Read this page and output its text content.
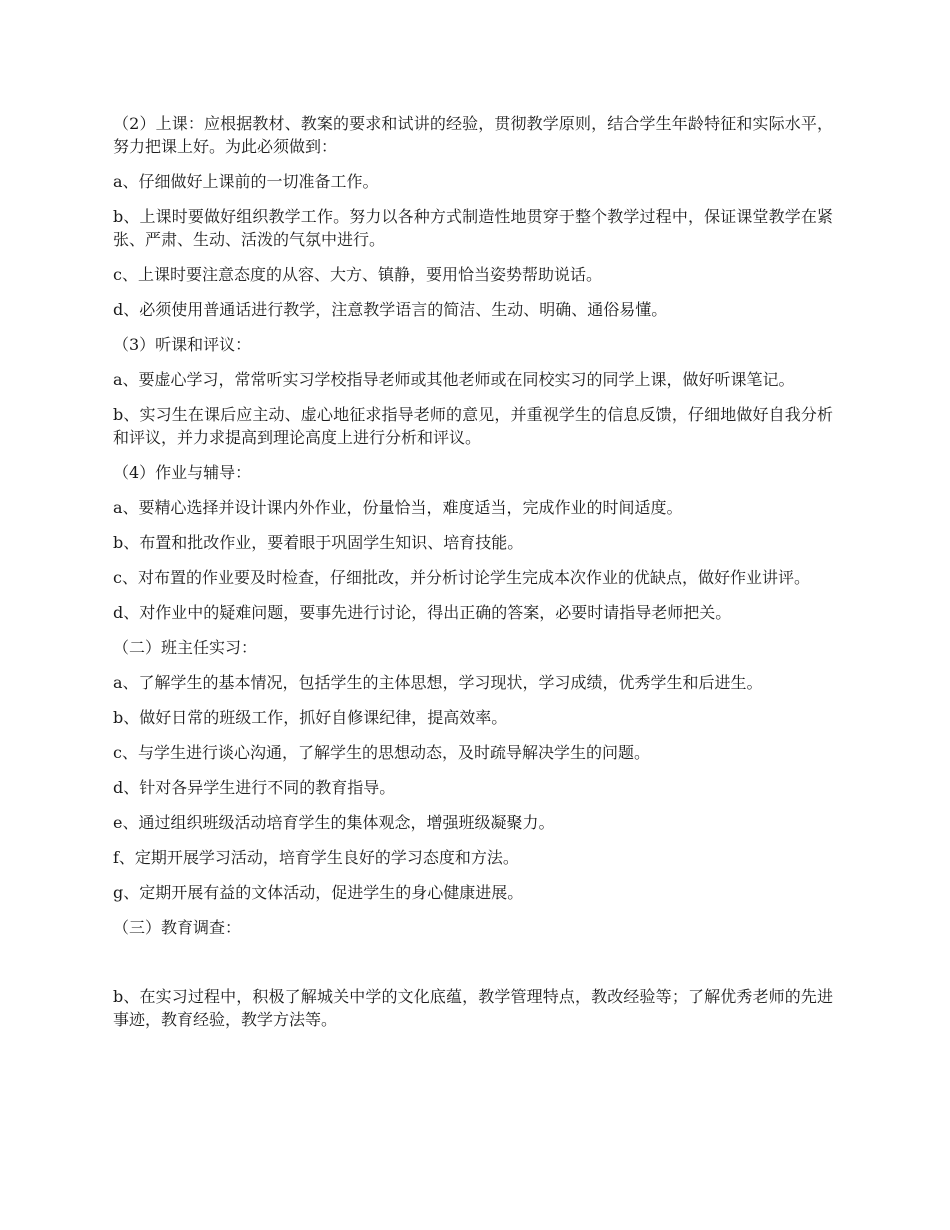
（2）上课：应根据教材、教案的要求和试讲的经验，贯彻教学原则，结合学生年龄特征和实际水平，努力把课上好。为此必须做到：

a、仔细做好上课前的一切准备工作。

b、上课时要做好组织教学工作。努力以各种方式制造性地贯穿于整个教学过程中，保证课堂教学在紧张、严肃、生动、活泼的气氛中进行。

c、上课时要注意态度的从容、大方、镇静，要用恰当姿势帮助说话。

d、必须使用普通话进行教学，注意教学语言的简洁、生动、明确、通俗易懂。

（3）听课和评议：

a、要虚心学习，常常听实习学校指导老师或其他老师或在同校实习的同学上课，做好听课笔记。

b、实习生在课后应主动、虚心地征求指导老师的意见，并重视学生的信息反馈，仔细地做好自我分析和评议，并力求提高到理论高度上进行分析和评议。

（4）作业与辅导：

a、要精心选择并设计课内外作业，份量恰当，难度适当，完成作业的时间适度。

b、布置和批改作业，要着眼于巩固学生知识、培育技能。

c、对布置的作业要及时检查，仔细批改，并分析讨论学生完成本次作业的优缺点，做好作业讲评。

d、对作业中的疑难问题，要事先进行讨论，得出正确的答案，必要时请指导老师把关。

（二）班主任实习：

a、了解学生的基本情况，包括学生的主体思想，学习现状，学习成绩，优秀学生和后进生。

b、做好日常的班级工作，抓好自修课纪律，提高效率。

c、与学生进行谈心沟通，了解学生的思想动态，及时疏导解决学生的问题。

d、针对各异学生进行不同的教育指导。

e、通过组织班级活动培育学生的集体观念，增强班级凝聚力。

f、定期开展学习活动，培育学生良好的学习态度和方法。

g、定期开展有益的文体活动，促进学生的身心健康进展。

（三）教育调查：

b、在实习过程中，积极了解城关中学的文化底蕴，教学管理特点，教改经验等；了解优秀老师的先进事迹，教育经验，教学方法等。
